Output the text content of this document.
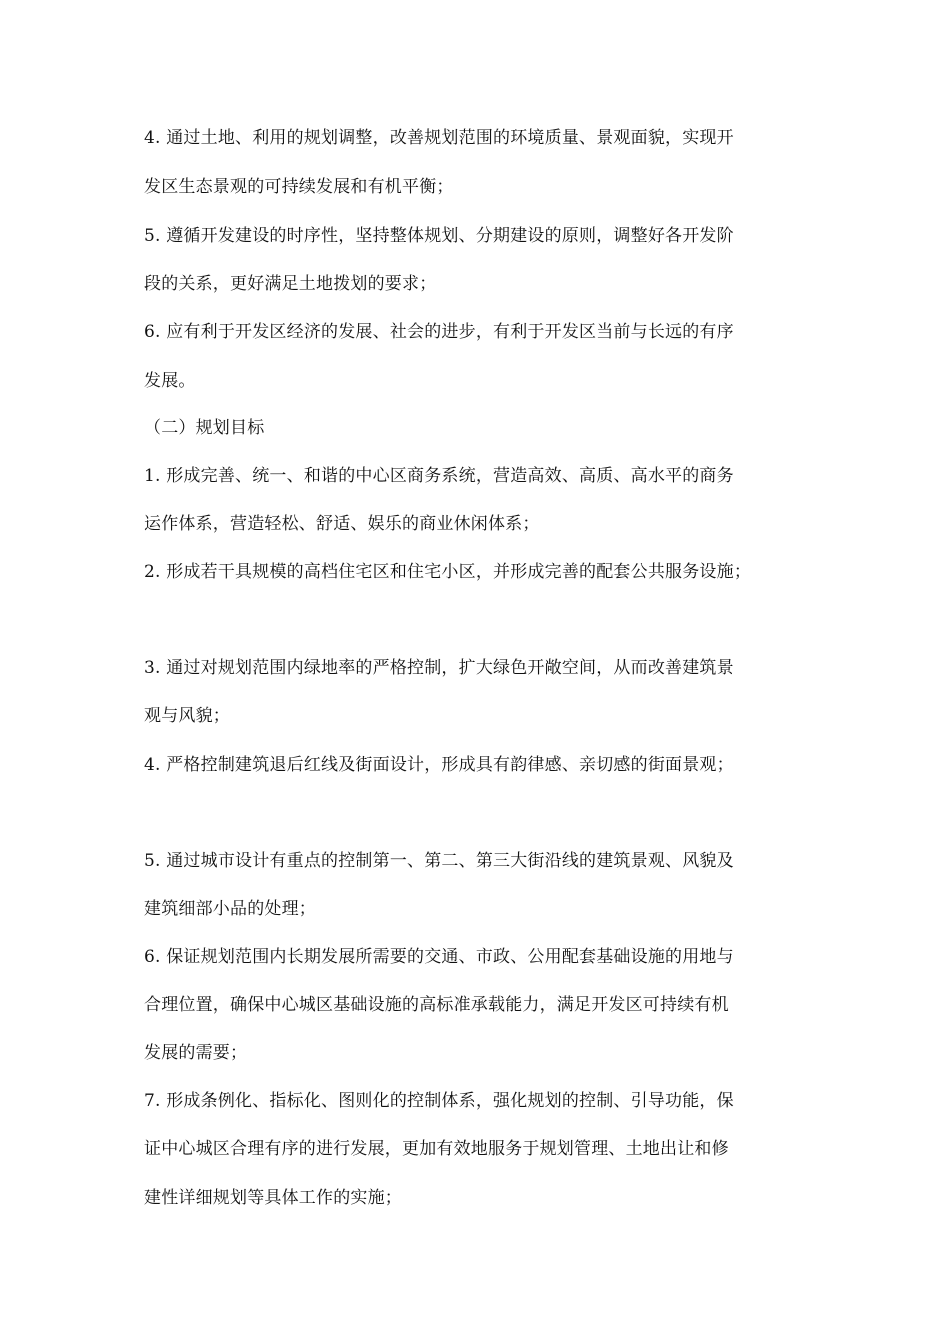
4. 通过土地、利用的规划调整，改善规划范围的环境质量、景观面貌，实现开
发区生态景观的可持续发展和有机平衡；
5. 遵循开发建设的时序性，坚持整体规划、分期建设的原则，调整好各开发阶
段的关系，更好满足土地拨划的要求；
6. 应有利于开发区经济的发展、社会的进步，有利于开发区当前与长远的有序
发展。
（二）规划目标
1. 形成完善、统一、和谐的中心区商务系统，营造高效、高质、高水平的商务
运作体系，营造轻松、舒适、娱乐的商业休闲体系；
2. 形成若干具规模的高档住宅区和住宅小区，并形成完善的配套公共服务设施；
3. 通过对规划范围内绿地率的严格控制，扩大绿色开敞空间，从而改善建筑景
观与风貌；
4. 严格控制建筑退后红线及街面设计，形成具有韵律感、亲切感的街面景观；
5. 通过城市设计有重点的控制第一、第二、第三大街沿线的建筑景观、风貌及
建筑细部小品的处理；
6. 保证规划范围内长期发展所需要的交通、市政、公用配套基础设施的用地与
合理位置，确保中心城区基础设施的高标准承载能力，满足开发区可持续有机
发展的需要；
7. 形成条例化、指标化、图则化的控制体系，强化规划的控制、引导功能，保
证中心城区合理有序的进行发展，更加有效地服务于规划管理、土地出让和修
建性详细规划等具体工作的实施；
